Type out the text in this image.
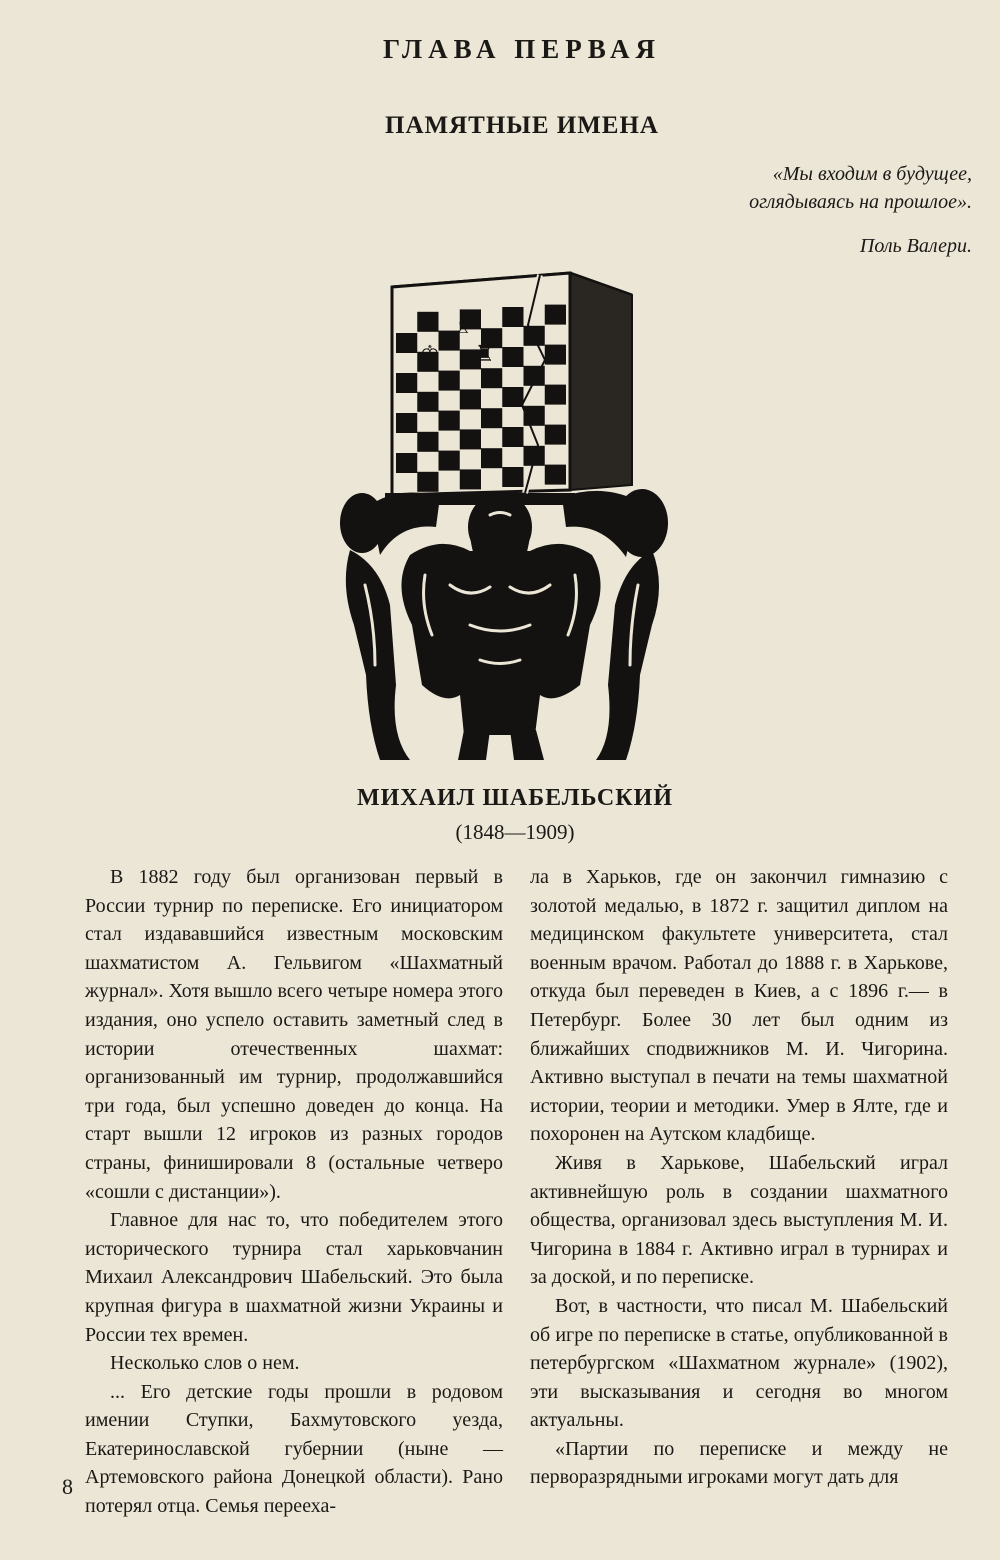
ГЛАВА ПЕРВАЯ
ПАМЯТНЫЕ ИМЕНА
«Мы входим в будущее,
оглядываясь на прошлое».
Поль Валери.
♗
♔ ♜
МИХАИЛ ШАБЕЛЬСКИЙ
(1848—1909)

В 1882 году был организован первый в России турнир по переписке. Его инициатором стал издававшийся известным московским шахматистом А. Гельвигом «Шахматный журнал». Хотя вышло всего четыре номера этого издания, оно успело оставить заметный след в истории отечественных шахмат: организованный им турнир, продолжавшийся три года, был успешно доведен до конца. На старт вышли 12 игроков из разных городов страны, финишировали 8 (остальные четверо «сошли с дистанции»).

Главное для нас то, что победителем этого исторического турнира стал харьковчанин Михаил Александрович Шабельский. Это была крупная фигура в шахматной жизни Украины и России тех времен.

Несколько слов о нем.

... Его детские годы прошли в родовом имении Ступки, Бахмутовского уезда, Екатеринославской губернии (ныне — Артемовского района Донецкой области). Рано потерял отца. Семья перееха-

ла в Харьков, где он закончил гимназию с золотой медалью, в 1872 г. защитил диплом на медицинском факультете университета, стал военным врачом. Работал до 1888 г. в Харькове, откуда был переведен в Киев, а с 1896 г.— в Петербург. Более 30 лет был одним из ближайших сподвижников М. И. Чигорина. Активно выступал в печати на темы шахматной истории, теории и методики. Умер в Ялте, где и похоронен на Аутском кладбище.

Живя в Харькове, Шабельский играл активнейшую роль в создании шахматного общества, организовал здесь выступления М. И. Чигорина в 1884 г. Активно играл в турнирах и за доской, и по переписке.

Вот, в частности, что писал М. Шабельский об игре по переписке в статье, опубликованной в петербургском «Шахматном журнале» (1902), эти высказывания и сегодня во многом актуальны.

«Партии по переписке и между не перворазрядными игроками могут дать для

8
